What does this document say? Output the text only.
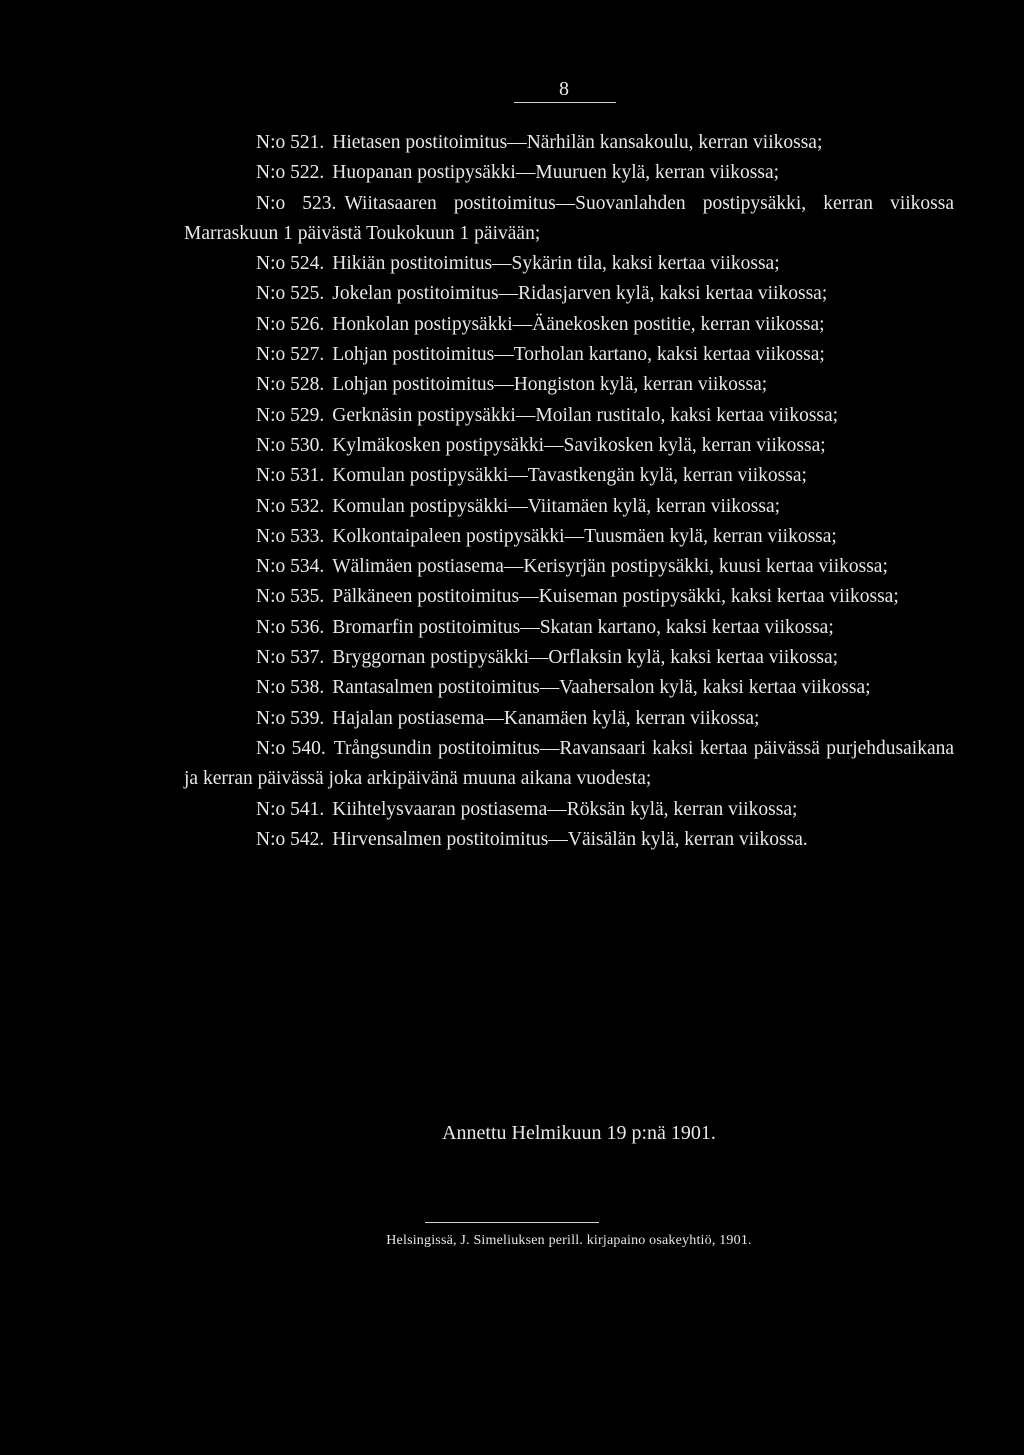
8

N:o 521. Hietasen postitoimitus—Närhilän kansakoulu, kerran viikossa;

N:o 522. Huopanan postipysäkki—Muuruen kylä, kerran viikossa;

N:o 523. Wiitasaaren postitoimitus—Suovanlahden postipysäkki, kerran viikossa Marraskuun 1 päivästä Toukokuun 1 päivään;

N:o 524. Hikiän postitoimitus—Sykärin tila, kaksi kertaa viikossa;

N:o 525. Jokelan postitoimitus—Ridasjarven kylä, kaksi kertaa viikossa;

N:o 526. Honkolan postipysäkki—Äänekosken postitie, kerran viikossa;

N:o 527. Lohjan postitoimitus—Torholan kartano, kaksi kertaa viikossa;

N:o 528. Lohjan postitoimitus—Hongiston kylä, kerran viikossa;

N:o 529. Gerknäsin postipysäkki—Moilan rustitalo, kaksi kertaa viikossa;

N:o 530. Kylmäkosken postipysäkki—Savikosken kylä, kerran viikossa;

N:o 531. Komulan postipysäkki—Tavastkengän kylä, kerran viikossa;

N:o 532. Komulan postipysäkki—Viitamäen kylä, kerran viikossa;

N:o 533. Kolkontaipaleen postipysäkki—Tuusmäen kylä, kerran viikossa;

N:o 534. Wälimäen postiasema—Kerisyrjän postipysäkki, kuusi kertaa viikossa;

N:o 535. Pälkäneen postitoimitus—Kuiseman postipysäkki, kaksi kertaa viikossa;

N:o 536. Bromarfin postitoimitus—Skatan kartano, kaksi kertaa viikossa;

N:o 537. Bryggornan postipysäkki—Orflaksin kylä, kaksi kertaa viikossa;

N:o 538. Rantasalmen postitoimitus—Vaahersalon kylä, kaksi kertaa viikossa;

N:o 539. Hajalan postiasema—Kanamäen kylä, kerran viikossa;

N:o 540. Trångsundin postitoimitus—Ravansaari kaksi kertaa päivässä purjehdusaikana ja kerran päivässä joka arkipäivänä muuna aikana vuodesta;

N:o 541. Kiihtelysvaaran postiasema—Röksän kylä, kerran viikossa;

N:o 542. Hirvensalmen postitoimitus—Väisälän kylä, kerran viikossa.

Annettu Helmikuun 19 p:nä 1901.
Helsingissä, J. Simeliuksen perill. kirjapaino osakeyhtiö, 1901.
